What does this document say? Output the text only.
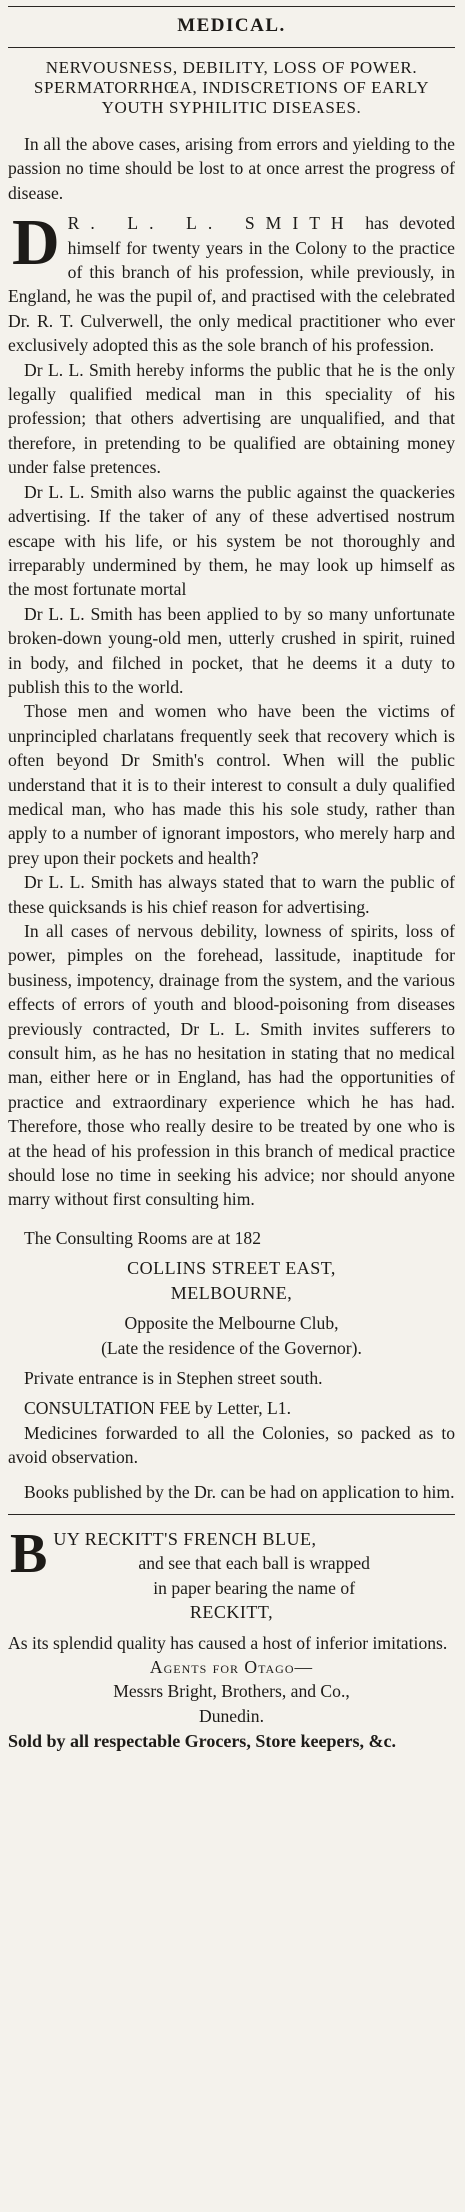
MEDICAL.
NERVOUSNESS, DEBILITY, LOSS OF POWER. SPERMATORRHŒA, INDISCRETIONS OF EARLY YOUTH SYPHILITIC DISEASES.

In all the above cases, arising from errors and yielding to the passion no time should be lost to at once arrest the progress of disease.

D R. L. L. SMITH has devoted himself for twenty years in the Colony to the practice of this branch of his profession, while previously, in England, he was the pupil of, and practised with the celebrated Dr. R. T. Culverwell, the only medical practitioner who ever exclusively adopted this as the sole branch of his profession.

Dr L. L. Smith hereby informs the public that he is the only legally qualified medical man in this speciality of his profession; that others advertising are unqualified, and that therefore, in pretending to be qualified are obtaining money under false pretences.

Dr L. L. Smith also warns the public against the quackeries advertising. If the taker of any of these advertised nostrum escape with his life, or his system be not thoroughly and irreparably undermined by them, he may look up himself as the most fortunate mortal

Dr L. L. Smith has been applied to by so many unfortunate broken-down young-old men, utterly crushed in spirit, ruined in body, and filched in pocket, that he deems it a duty to publish this to the world.

Those men and women who have been the victims of unprincipled charlatans frequently seek that recovery which is often beyond Dr Smith's control. When will the public understand that it is to their interest to consult a duly qualified medical man, who has made this his sole study, rather than apply to a number of ignorant impostors, who merely harp and prey upon their pockets and health?

Dr L. L. Smith has always stated that to warn the public of these quicksands is his chief reason for advertising.

In all cases of nervous debility, lowness of spirits, loss of power, pimples on the forehead, lassitude, inaptitude for business, impotency, drainage from the system, and the various effects of errors of youth and blood-poisoning from diseases previously contracted, Dr L. L. Smith invites sufferers to consult him, as he has no hesitation in stating that no medical man, either here or in England, has had the opportunities of practice and extraordinary experience which he has had. Therefore, those who really desire to be treated by one who is at the head of his profession in this branch of medical practice should lose no time in seeking his advice; nor should anyone marry without first consulting him.

The Consulting Rooms are at 182

COLLINS STREET EAST,

MELBOURNE,

Opposite the Melbourne Club,

(Late the residence of the Governor).

Private entrance is in Stephen street south.

CONSULTATION FEE by Letter, L1.

Medicines forwarded to all the Colonies, so packed as to avoid observation.

Books published by the Dr. can be had on application to him.

B UY RECKITT'S FRENCH BLUE,

and see that each ball is wrapped

in paper bearing the name of

RECKITT,

As its splendid quality has caused a host of inferior imitations.

Agents for Otago—

Messrs Bright, Brothers, and Co.,

Dunedin.

Sold by all respectable Grocers, Store keepers, &c.
